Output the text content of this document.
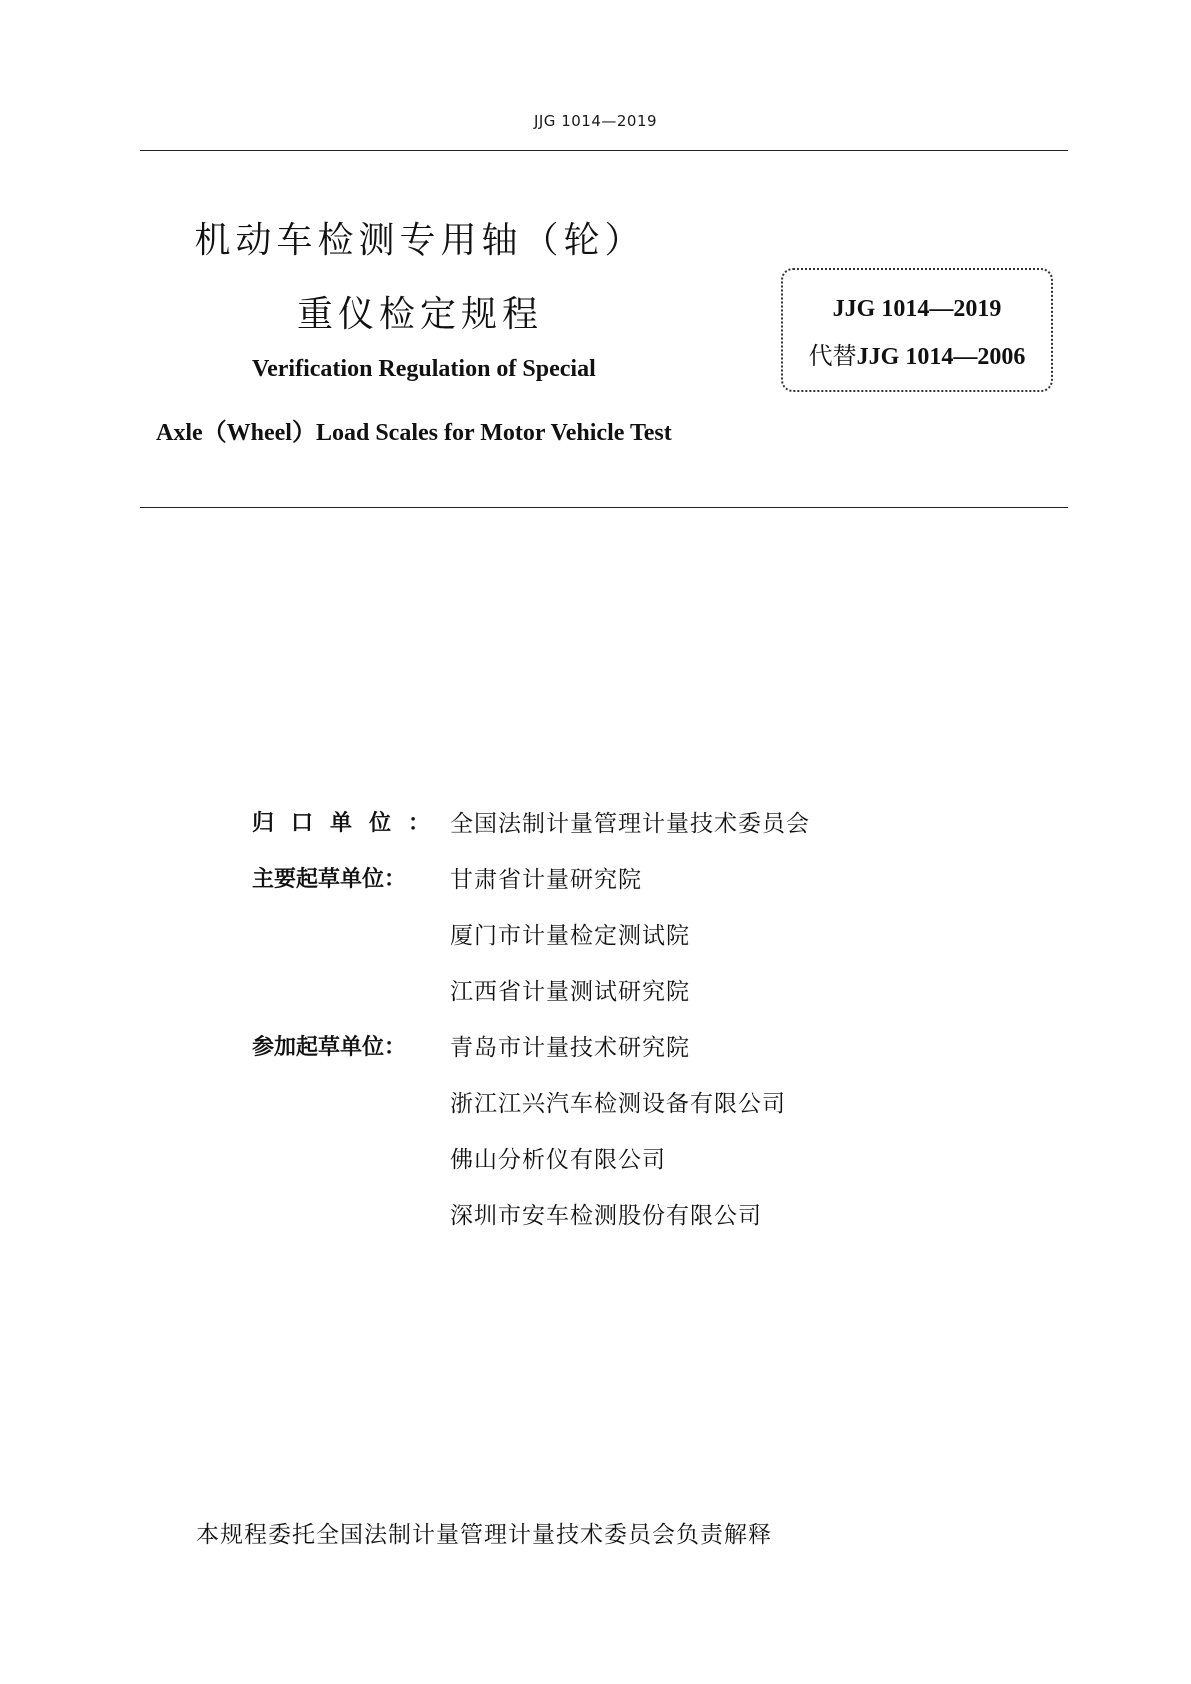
JJG 1014—2019
机动车检测专用轴（轮）
重仪检定规程
Verification Regulation of Special
Axle（Wheel）Load Scales for Motor Vehicle Test
JJG 1014—2019
代替JJG 1014—2006
归口单位： 全国法制计量管理计量技术委员会
主要起草单位：	甘肃省计量研究院
厦门市计量检定测试院
江西省计量测试研究院
参加起草单位：	青岛市计量技术研究院
浙江江兴汽车检测设备有限公司
佛山分析仪有限公司
深圳市安车检测股份有限公司
本规程委托全国法制计量管理计量技术委员会负责解释
